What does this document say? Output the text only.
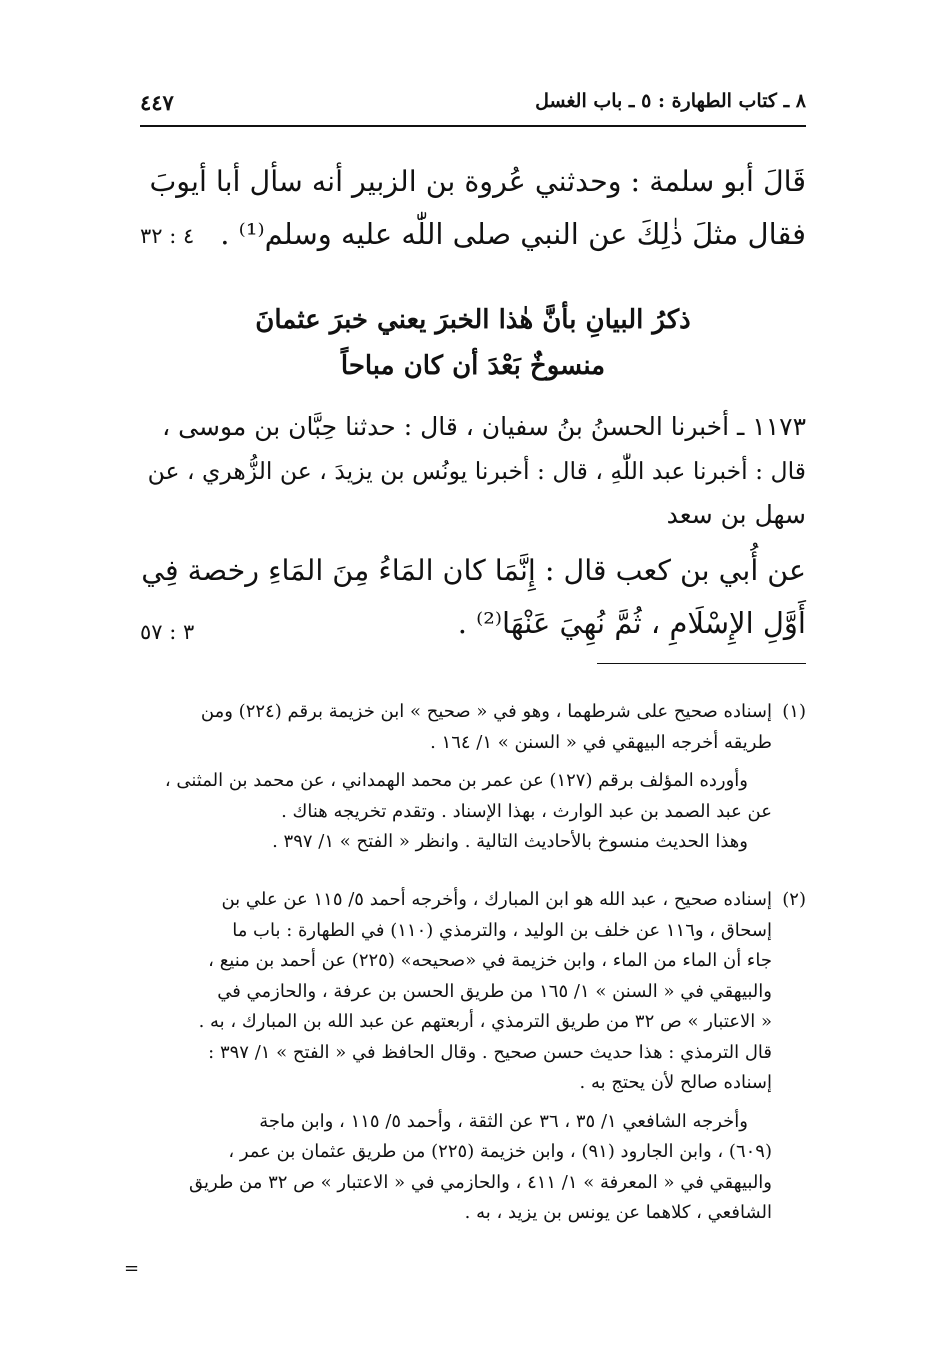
٨ ـ كتاب الطهارة : ٥ ـ باب الغسل
٤٤٧
قَالَ أبو سلمة : وحدثني عُروة بن الزبير أنه سأل أبا أيوبَ
فقال مثلَ ذٰلِكَ عن النبي صلى اللّٰه عليه وسلم⁽¹⁾ .
٤ : ٣٢
ذكرُ البيانِ بأنَّ هٰذا الخبرَ يعني خبرَ عثمانَ
منسوخٌ بَعْدَ أن كان مباحاً
١١٧٣ ـ أخبرنا الحسنُ بنُ سفيان ، قال : حدثنا حِبَّان بن موسى ،
قال : أخبرنا عبد اللّٰهِ ، قال : أخبرنا يونُس بن يزيدَ ، عن الزُّهري ، عن
سهل بن سعد
عن أُبي بن كعب قال : إِنَّمَا كان المَاءُ مِنَ المَاءِ رخصة فِي
أَوَّلِ الإِسْلَامِ ، ثُمَّ نُهِيَ عَنْهَا⁽²⁾ .
٣ : ٥٧
(١)
إسناده صحيح على شرطهما ، وهو في « صحيح » ابن خزيمة برقم (٢٢٤) ومن
طريقه أخرجه البيهقي في « السنن » ١/ ١٦٤ .
وأورده المؤلف برقم (١٢٧) عن عمر بن محمد الهمداني ، عن محمد بن المثنى ،
عن عبد الصمد بن عبد الوارث ، بهذا الإسناد . وتقدم تخريجه هناك .
وهذا الحديث منسوخ بالأحاديث التالية . وانظر « الفتح » ١/ ٣٩٧ .
(٢)
إسناده صحيح ، عبد الله هو ابن المبارك ، وأخرجه أحمد ٥/ ١١٥ عن علي بن
إسحاق ، و١١٦ عن خلف بن الوليد ، والترمذي (١١٠) في الطهارة : باب ما
جاء أن الماء من الماء ، وابن خزيمة في «صحيحه» (٢٢٥) عن أحمد بن منيع ،
والبيهقي في « السنن » ١/ ١٦٥ من طريق الحسن بن عرفة ، والحازمي في
« الاعتبار » ص ٣٢ من طريق الترمذي ، أربعتهم عن عبد الله بن المبارك ، به .
قال الترمذي : هذا حديث حسن صحيح . وقال الحافظ في « الفتح » ١/ ٣٩٧ :
إسناده صالح لأن يحتج به .
وأخرجه الشافعي ١/ ٣٥ ، ٣٦ عن الثقة ، وأحمد ٥/ ١١٥ ، وابن ماجة
(٦٠٩) ، وابن الجارود (٩١) ، وابن خزيمة (٢٢٥) من طريق عثمان بن عمر ،
والبيهقي في « المعرفة » ١/ ٤١١ ، والحازمي في « الاعتبار » ص ٣٢ من طريق
الشافعي ، كلاهما عن يونس بن يزيد ، به .
=
